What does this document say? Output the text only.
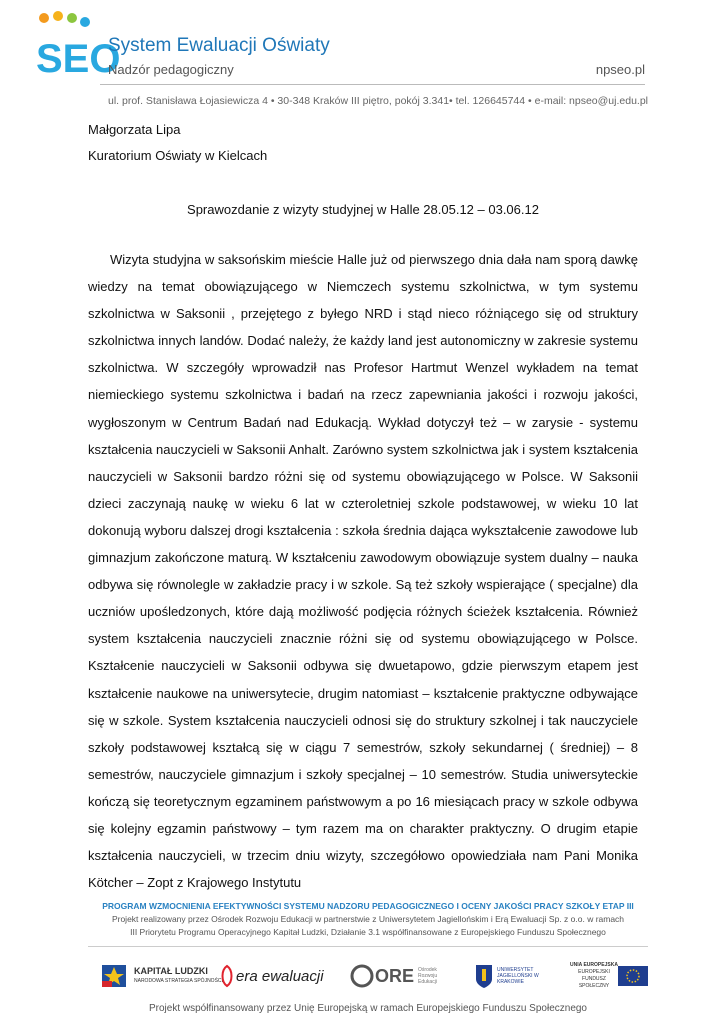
SEO
System Ewaluacji Oświaty
Nadzór pedagogiczny	npseo.pl
ul. prof. Stanisława Łojasiewicza 4 • 30-348 Kraków III piętro, pokój 3.341• tel. 126645744 • e-mail: npseo@uj.edu.pl
Małgorzata Lipa
Kuratorium Oświaty w Kielcach
Sprawozdanie z wizyty studyjnej w Halle 28.05.12 – 03.06.12

Wizyta studyjna w saksońskim mieście Halle już od pierwszego dnia dała nam sporą dawkę wiedzy na temat obowiązującego w Niemczech systemu szkolnictwa, w tym systemu szkolnictwa w Saksonii , przejętego z byłego NRD i stąd nieco różniącego się od struktury szkolnictwa innych landów. Dodać należy, że każdy land jest autonomiczny w zakresie systemu szkolnictwa. W szczegóły wprowadził nas Profesor Hartmut Wenzel wykładem na temat niemieckiego systemu szkolnictwa i badań na rzecz zapewniania jakości i rozwoju jakości, wygłoszonym w Centrum Badań nad Edukacją. Wykład dotyczył też – w zarysie - systemu kształcenia nauczycieli w Saksonii Anhalt. Zarówno system szkolnictwa jak i system kształcenia nauczycieli w Saksonii bardzo różni się od systemu obowiązującego w Polsce. W Saksonii dzieci zaczynają naukę w wieku 6 lat w czteroletniej szkole podstawowej, w wieku 10 lat dokonują wyboru dalszej drogi kształcenia : szkoła średnia dająca wykształcenie zawodowe lub gimnazjum zakończone maturą. W kształceniu zawodowym obowiązuje system dualny – nauka odbywa się równolegle w zakładzie pracy i w szkole. Są też szkoły wspierające ( specjalne) dla uczniów upośledzonych, które dają możliwość podjęcia różnych ścieżek kształcenia. Również system kształcenia nauczycieli znacznie różni się od systemu obowiązującego w Polsce. Kształcenie nauczycieli w Saksonii odbywa się dwuetapowo, gdzie pierwszym etapem jest kształcenie naukowe na uniwersytecie, drugim natomiast – kształcenie praktyczne odbywające się w szkole. System kształcenia nauczycieli odnosi się do struktury szkolnej i tak nauczyciele szkoły podstawowej kształcą się w ciągu 7 semestrów, szkoły sekundarnej ( średniej) – 8 semestrów, nauczyciele gimnazjum i szkoły specjalnej – 10 semestrów. Studia uniwersyteckie kończą się teoretycznym egzaminem państwowym a po 16 miesiącach pracy w szkole odbywa się kolejny egzamin państwowy – tym razem ma on charakter praktyczny. O drugim etapie kształcenia nauczycieli, w trzecim dniu wizyty, szczegółowo opowiedziała nam Pani Monika Kötcher – Zopt z Krajowego Instytutu

PROGRAM WZMOCNIENIA EFEKTYWNOŚCI SYSTEMU NADZORU PEDAGOGICZNEGO I OCENY JAKOŚCI PRACY SZKOŁY ETAP III
Projekt realizowany przez Ośrodek Rozwoju Edukacji w partnerstwie z Uniwersytetem Jagiellońskim i Erą Ewaluacji Sp. z o.o. w ramach
III Priorytetu Programu Operacyjnego Kapitał Ludzki, Działanie 3.1 współfinansowane z Europejskiego Funduszu Społecznego
KAPITAŁ LUDZKI
NARODOWA STRATEGIA SPÓJNOŚCI era ewaluacji	ORE Ośrodek Rozwoju Edukacji
UNIWERSYTET JAGIELLOŃSKI W KRAKOWIE
UNIA EUROPEJSKA
EUROPEJSKI FUNDUSZ SPOŁECZNY
Projekt współfinansowany przez Unię Europejską w ramach Europejskiego Funduszu Społecznego
